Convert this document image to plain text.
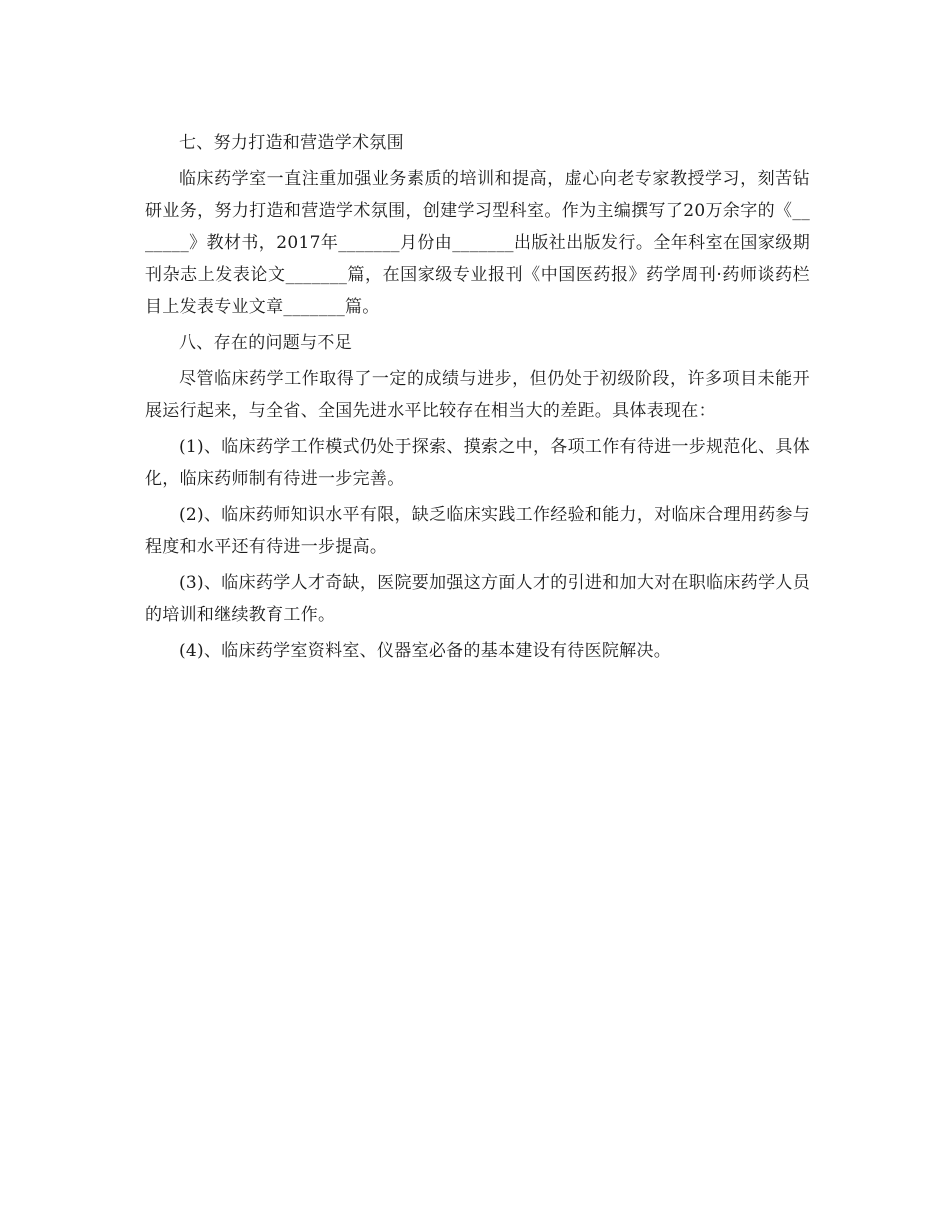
七、努力打造和营造学术氛围

临床药学室一直注重加强业务素质的培训和提高，虚心向老专家教授学习，刻苦钻研业务，努力打造和营造学术氛围，创建学习型科室。作为主编撰写了20万余字的《_______》教材书，2017年_______月份由_______出版社出版发行。全年科室在国家级期刊杂志上发表论文_______篇，在国家级专业报刊《中国医药报》药学周刊·药师谈药栏目上发表专业文章_______篇。

八、存在的问题与不足

尽管临床药学工作取得了一定的成绩与进步，但仍处于初级阶段，许多项目未能开展运行起来，与全省、全国先进水平比较存在相当大的差距。具体表现在：

(1)、临床药学工作模式仍处于探索、摸索之中，各项工作有待进一步规范化、具体化，临床药师制有待进一步完善。

(2)、临床药师知识水平有限，缺乏临床实践工作经验和能力，对临床合理用药参与程度和水平还有待进一步提高。

(3)、临床药学人才奇缺，医院要加强这方面人才的引进和加大对在职临床药学人员的培训和继续教育工作。

(4)、临床药学室资料室、仪器室必备的基本建设有待医院解决。
